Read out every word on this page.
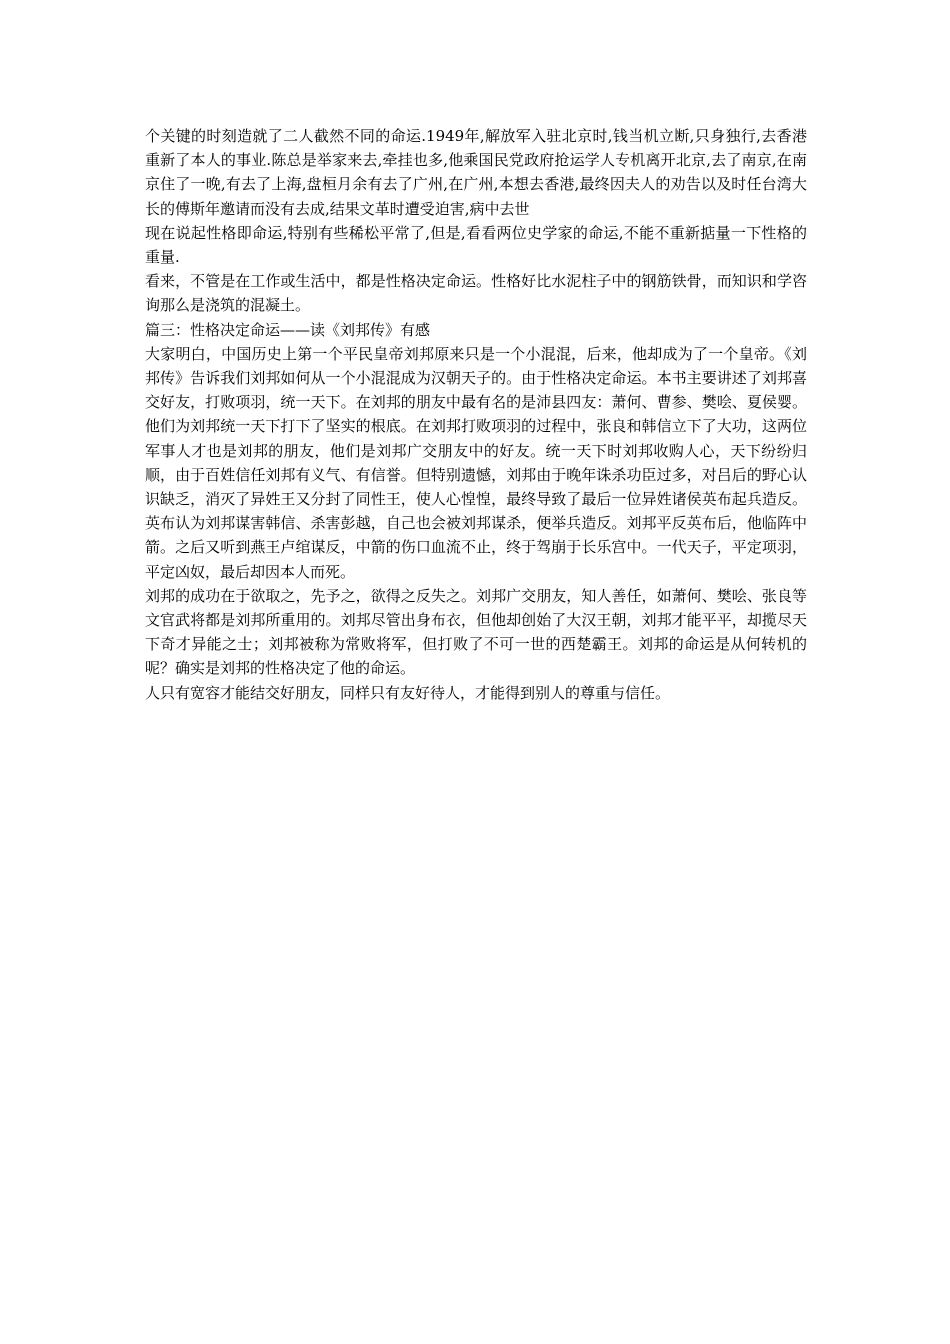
个关键的时刻造就了二人截然不同的命运.1949年,解放军入驻北京时,钱当机立断,只身独行,去香港重新了本人的事业.陈总是举家来去,牵挂也多,他乘国民党政府抢运学人专机离开北京,去了南京,在南京住了一晚,有去了上海,盘桓月余有去了广州,在广州,本想去香港,最终因夫人的劝告以及时任台湾大长的傅斯年邀请而没有去成,结果文革时遭受迫害,病中去世

现在说起性格即命运,特别有些稀松平常了,但是,看看两位史学家的命运,不能不重新掂量一下性格的重量.

看来，不管是在工作或生活中，都是性格决定命运。性格好比水泥柱子中的钢筋铁骨，而知识和学咨询那么是浇筑的混凝土。

篇三：性格决定命运——读《刘邦传》有感

大家明白，中国历史上第一个平民皇帝刘邦原来只是一个小混混，后来，他却成为了一个皇帝。《刘邦传》告诉我们刘邦如何从一个小混混成为汉朝天子的。由于性格决定命运。本书主要讲述了刘邦喜交好友，打败项羽，统一天下。在刘邦的朋友中最有名的是沛县四友：萧何、曹参、樊哙、夏侯婴。他们为刘邦统一天下打下了坚实的根底。在刘邦打败项羽的过程中，张良和韩信立下了大功，这两位军事人才也是刘邦的朋友，他们是刘邦广交朋友中的好友。统一天下时刘邦收购人心，天下纷纷归顺，由于百姓信任刘邦有义气、有信誉。但特别遗憾，刘邦由于晚年诛杀功臣过多，对吕后的野心认识缺乏，消灭了异姓王又分封了同性王，使人心惶惶，最终导致了最后一位异姓诸侯英布起兵造反。英布认为刘邦谋害韩信、杀害彭越，自己也会被刘邦谋杀，便举兵造反。刘邦平反英布后，他临阵中箭。之后又听到燕王卢绾谋反，中箭的伤口血流不止，终于驾崩于长乐宫中。一代天子，平定项羽，平定凶奴，最后却因本人而死。

刘邦的成功在于欲取之，先予之，欲得之反失之。刘邦广交朋友，知人善任，如萧何、樊哙、张良等文官武将都是刘邦所重用的。刘邦尽管出身布衣，但他却创始了大汉王朝，刘邦才能平平，却揽尽天下奇才异能之士；刘邦被称为常败将军，但打败了不可一世的西楚霸王。刘邦的命运是从何转机的呢？确实是刘邦的性格决定了他的命运。

人只有宽容才能结交好朋友，同样只有友好待人，才能得到别人的尊重与信任。
